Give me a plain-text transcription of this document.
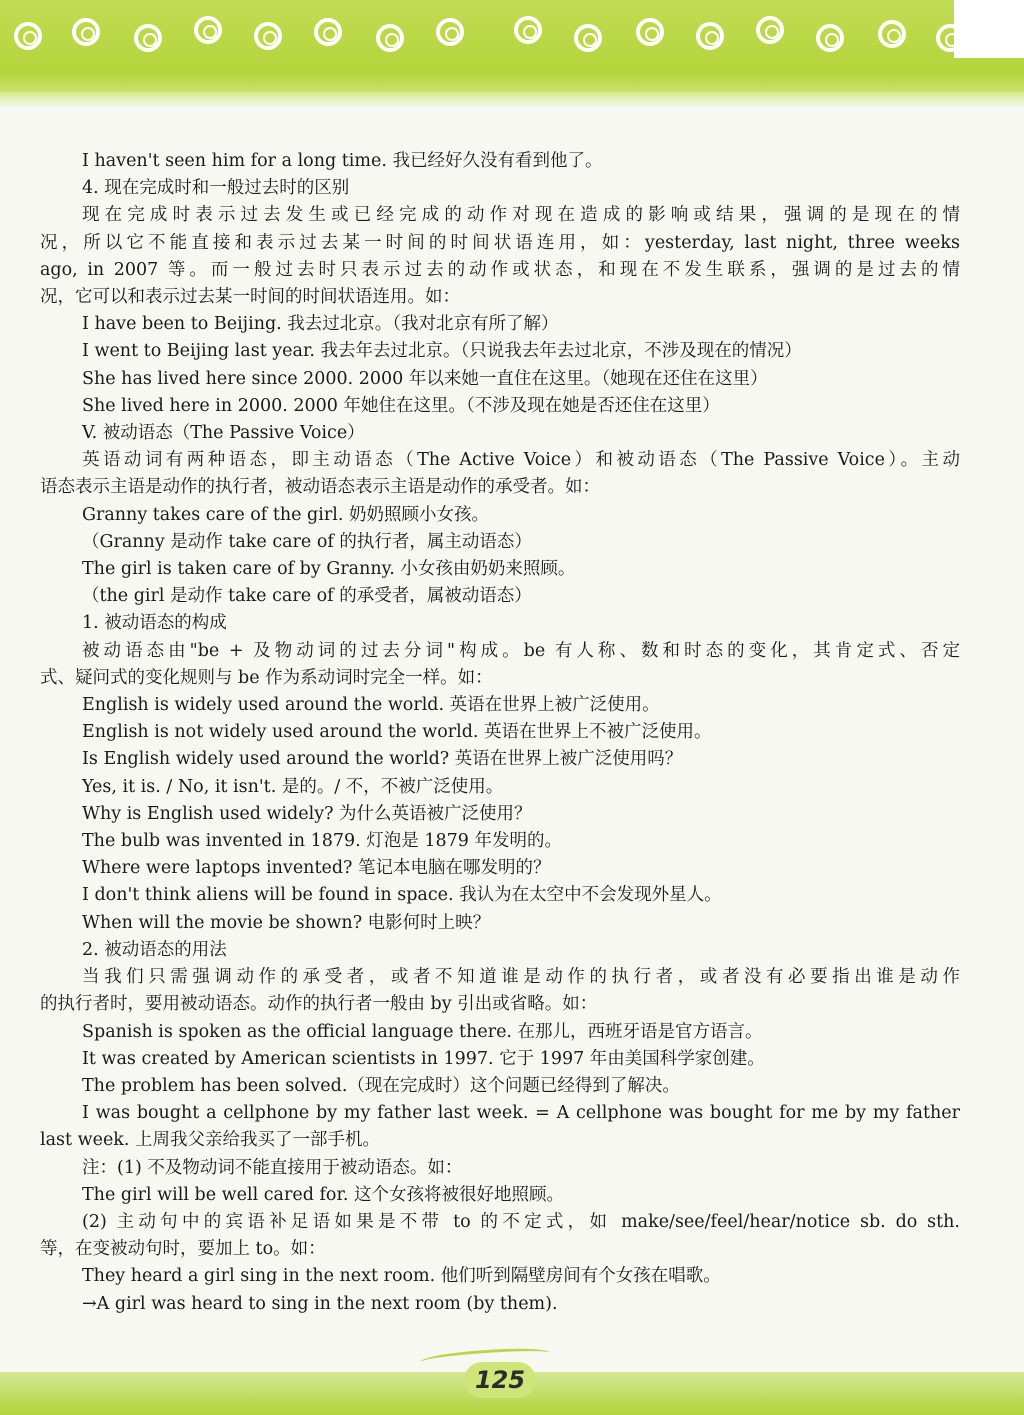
I haven't seen him for a long time. 我已经好久没有看到他了。
4. 现在完成时和一般过去时的区别
现在完成时表示过去发生或已经完成的动作对现在造成的影响或结果，强调的是现在的情
况，所以它不能直接和表示过去某一时间的时间状语连用，如：yesterday, last night, three weeks
ago, in 2007 等。而一般过去时只表示过去的动作或状态，和现在不发生联系，强调的是过去的情
况，它可以和表示过去某一时间的时间状语连用。如：
I have been to Beijing. 我去过北京。（我对北京有所了解）
I went to Beijing last year. 我去年去过北京。（只说我去年去过北京，不涉及现在的情况）
She has lived here since 2000. 2000 年以来她一直住在这里。（她现在还住在这里）
She lived here in 2000. 2000 年她住在这里。（不涉及现在她是否还住在这里）
V. 被动语态（The Passive Voice）
英语动词有两种语态，即主动语态（The Active Voice）和被动语态（The Passive Voice）。主动
语态表示主语是动作的执行者，被动语态表示主语是动作的承受者。如：
Granny takes care of the girl. 奶奶照顾小女孩。
（Granny 是动作 take care of 的执行者，属主动语态）
The girl is taken care of by Granny. 小女孩由奶奶来照顾。
（the girl 是动作 take care of 的承受者，属被动语态）
1. 被动语态的构成
被动语态由"be + 及物动词的过去分词"构成。be 有人称、数和时态的变化，其肯定式、否定
式、疑问式的变化规则与 be 作为系动词时完全一样。如：
English is widely used around the world. 英语在世界上被广泛使用。
English is not widely used around the world. 英语在世界上不被广泛使用。
Is English widely used around the world? 英语在世界上被广泛使用吗？
Yes, it is. / No, it isn't. 是的。/ 不，不被广泛使用。
Why is English used widely? 为什么英语被广泛使用？
The bulb was invented in 1879. 灯泡是 1879 年发明的。
Where were laptops invented? 笔记本电脑在哪发明的？
I don't think aliens will be found in space. 我认为在太空中不会发现外星人。
When will the movie be shown? 电影何时上映？
2. 被动语态的用法
当我们只需强调动作的承受者，或者不知道谁是动作的执行者，或者没有必要指出谁是动作
的执行者时，要用被动语态。动作的执行者一般由 by 引出或省略。如：
Spanish is spoken as the official language there. 在那儿，西班牙语是官方语言。
It was created by American scientists in 1997. 它于 1997 年由美国科学家创建。
The problem has been solved.（现在完成时）这个问题已经得到了解决。
I was bought a cellphone by my father last week. = A cellphone was bought for me by my father
last week. 上周我父亲给我买了一部手机。
注：(1) 不及物动词不能直接用于被动语态。如：
The girl will be well cared for. 这个女孩将被很好地照顾。
(2) 主动句中的宾语补足语如果是不带 to 的不定式，如 make/see/feel/hear/notice sb. do sth.
等，在变被动句时，要加上 to。如：
They heard a girl sing in the next room. 他们听到隔壁房间有个女孩在唱歌。
→A girl was heard to sing in the next room (by them).
125
